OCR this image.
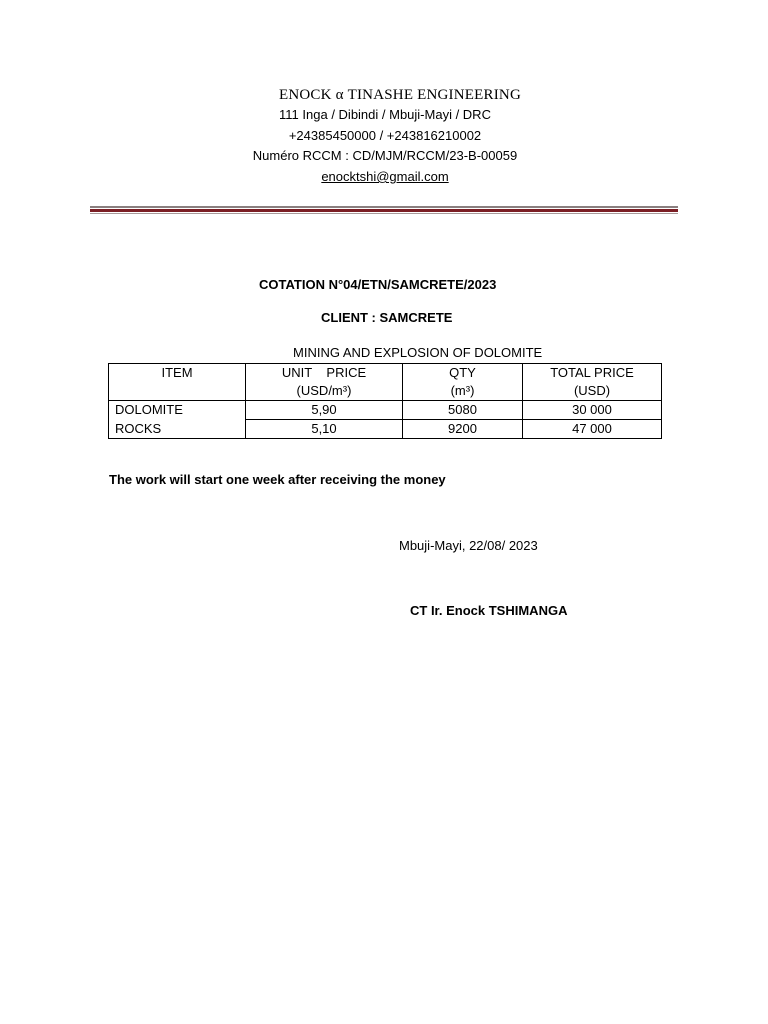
ENOCK α TINASHE ENGINEERING
111 Inga / Dibindi / Mbuji-Mayi / DRC
+24385450000 / +243816210002
Numéro RCCM : CD/MJM/RCCM/23-B-00059
enocktshi@gmail.com
COTATION N°04/ETN/SAMCRETE/2023
CLIENT : SAMCRETE
MINING AND EXPLOSION OF DOLOMITE
ITEM	UNIT    PRICE	QTY	TOTAL PRICE
	(USD/m³)	(m³)	(USD)
DOLOMITE	5,90	5080	30 000
ROCKS	5,10	9200	47 000
The work will start one week after receiving the money
Mbuji-Mayi, 22/08/ 2023
CT Ir. Enock TSHIMANGA
